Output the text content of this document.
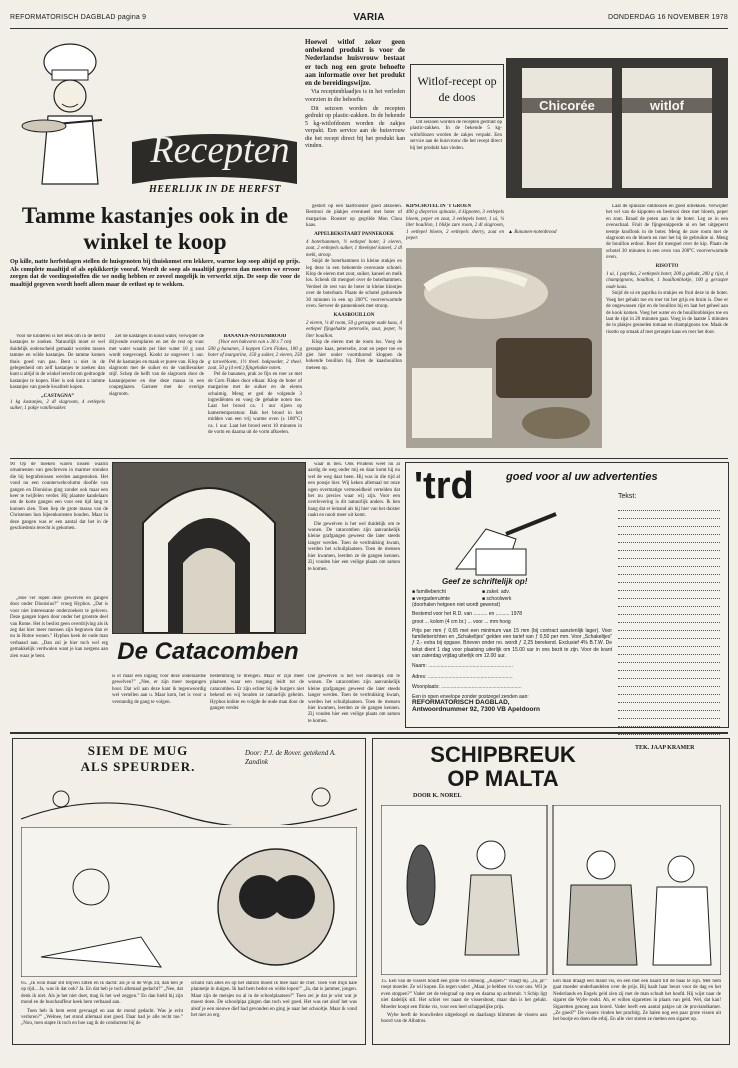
REFORMATORISCH DAGBLAD pagina 9	VARIA	DONDERDAG 16 NOVEMBER 1978
Recepten
HEERLIJK IN DE HERFST

Hoewel witlof zeker geen onbekend produkt is voor de Nederlandse huisvrouw bestaat er toch nog een grote behoefte aan informatie over het produkt en de bereidingswijze.

Via receptenblaadjes is in het verleden voorzien in die behoefte.

Dit seizoen worden de recepten gedrukt op plastic-zakken. In de bekende 5 kg-witlofdozen worden de zakjes verpakt. Een service aan de huisvrouw die het recept direct bij het produkt kan vinden.

Witlof-recept op de doos

Dit seizoen worden de recepten gedrukt op plastic-zakken. In de bekende 5 kg-witlofdozen worden de zakjes verpakt. Een service aan de huisvrouw die het recept direct bij het produkt kan vinden.

Chicorée	witlof
Tamme kastanjes ook in de winkel te koop

Op kille, natte herfstdagen stellen de huisgenoten bij thuiskomst een lekkere, warme kop soep altijd op prijs. Als complete maaltijd of als opkikkertje vooraf. Wordt de soep als maaltijd gegeven dan moeten we ervoor zorgen dat de voedingsstoffen die we nodig hebben er zoveel mogelijk in verwerkt zijn. De soep die voor de maaltijd gegeven wordt hoeft alleen maar de eetlust op te wekken.

Voor de kinderen is het leuk om in de herfst kastanjes te zoeken. Natuurlijk moet er wel duidelijk onderscheid gemaakt worden tussen tamme en wilde kastanjes. De tamme komen thuis goed van pas. Bent u niet in de gelegenheid om zelf kastanjes te zoeken dan kunt u altijd in de winkel terecht om gedroogde kastanjes te kopen. Hier is ook kunt u tamme kastanjes van goede kwaliteit kopen.

„CASTAGNA”
1 kg kastanjes, 2 dl slagroom, 4 eetlepels suiker, 1 pakje vanillesuiker.

Zet de kastanjes in koud water, verwijder de drijvende exemplaren en zet de rest op vuur met water waarin per liter water 10 g zout wordt toegevoegd. Kookt ze ongeveer 1 uur. Pel de kastanjes en maak er puree van. Klop de slagroom met de suiker en de vanillesuiker stijf. Schep de helft van de slagroom door de kastanjepuree en doe deze massa in een coupeglazen. Garneer met de overige slagroom.

BANANEN-NOTENBROOD
(Voor een bakvorm van ± 30 x 7 cm)
500 g bananen, 3 koppen Corn Flakes, 100 g boter of margarine, 150 g suiker, 2 eieren, 250 g tarwebloem, 1½ theel. bakpoeder, 2 theel. zout, 50 g (4 eetl.) fijngehakte noten.

Pel de bananen, prak ze fijn en roer ze met de Corn Flakes door elkaar. Klop de boter of margarine met de suiker en de eieren schuimig. Meng er ged de volgende 3 ingrediënten en voeg de gehakte noten toe. Laat het brood ca. 1 uur rijzen op kamertemperatuur. Bak het brood in het midden van een vrij warme oven (± 180°C) ca. 1 uur. Laat het brood eerst 10 minuten in de vorm en daarna uit de vorm afkoelen.

gestort op een taartrooster goed afkoelen. Bestrooi de plakjes eventueel met boter of margarine. Rooster op gegrilde Mon Chou kaas.

APPELBEKSTAART PANNEKOEK
4 boterhammen, ½ eetlepel boter, 3 eieren, zout, 2 eetlepels suiker, 1 theelepel kaneel, 2 dl melk, stroop.

Snijd de boterhammen in kleine stukjes en leg deze in een beboterde ovenvaste schotel. Klop de eieren met zout, suiker, kaneel en melk los. Schenk dit mengsel over de boterhammen. Verdeel de rest van de boter in kleine klontjes over de boterham. Plaats de schotel gedurende 30 minuten in een op 200°C voorverwarmde oven. Serveer de pannenkoek met stroop.

KAASBOUILLON
2 eieren, ¼ dl room, 50 g geraspte oude kaas, 4 eetlepel fijngehakte peterselie, zout, peper, ¾ liter bouillon.

Klop de eieren met de room los. Voeg de geraspte kaas, peterselie, zout en peper toe en giet hier onder voortdurend kloppen de kokende bouillon bij. Dien de kaasbouillon meteen op.

KIPSCHOTEL IN 'T GROEN
400 g diepvries spinazie, 4 kippoten, 3 eetlepels bloem, peper en zout, 3 eetlepels boter, 1 ui, ¼ liter bouillon, 1 blikje zure room, 2 dl slagroom, 1 eetlepel bloem, 2 eetlepels sherry, zout en peper.
▲ Bananen-notenbrood

Laat de spinazie ontdooien en goed uitlekken. Verwijder het vel van de kippoten en bestrooi deze met bloem, peper en zout. Braad de poten aan in de boter. Leg ze in een ovenschaal. Fruit de fijngesnipperde ui en het uitgeperst teentje knoflook in de boter. Meng de zure room met de slagroom en de bloem en roer het bij de gebruikte ui. Meng de bouillon erdoor. Roer dit mengsel over de kip. Plaats de schotel 30 minuten in een oven van 200°C voorverwarmde oven.

RISOTTO
1 ui, 1 paprika, 2 eetlepels boter, 200 g gehakt, 200 g rijst, 4 champignons, bouillon, 1 bouillonblokje, 100 g geraspte oude kaas.

Snijd de ui en paprika in stukjes en fruit deze in de boter. Voeg het gehakt toe en roer tot het grijs en bruin is. Doe er de ongewassen rijst en de bouillon bij en laat het geheel aan de kook komen. Voeg het water en de bouillonblokjes toe en laat de rijst in 20 minuten gaar. Voeg in de laatste 5 minuten de in plakjes gesneden tomaat en champignons toe. Maak de risotto op smaak af met geraspte kaas en roer het door.

90 Op de hoeken waren nissen waarin ornamenten van geschreven in marmer stonden die bij begrafenissen werden aangestoken. Het vond nu een counterwebcolumn doofde van gangen en Dionisius ging zonder ook maar een keer te twijfelen verder. Hij plaatste kandelaars om de korte gangen een voor een tijd lang te kunnen zien. Toen liep de grote massa van de Christenen hun bijeenkomsten houden. Maar in deze gangen was er een aantal dat het in de geschiedenis terecht is gekomen.

„Hoe ver lopen deze gewelven en gangen door onder Dionisius?” vroeg Hyphos. „Dat is voor niet interessante onderzoekers te geloven. Deze gangen lopen door onder het grootste deel van Rome. Het is beslist geen overdrijving als ik zeg dat hier meer mensen zijn begraven dan er nu in Rome wonen.” Hyphos keek de oude man verbaasd aan. „Dan zul je hier toch wel erg gemakkelijk verdwalen want je kan nergens aan zien waar je bent.	De Catacomben

waar ik ben. Ook Prudens weet nu al aardig de weg onder mij en daar komt hij nu wel de weg daar heen. Hij was in die tijd al een poosje hier. Wij keken allemaal tot onze ogen overmatige vermoeidheid vertelden dat het nu precies waar wij zijn. Voor een overlevering is dit natuurlijk anders. Ik ben bang dat er iemand als hij hier van het duister raakt en nooit meer uit komt.

Die gewelven is het wel duidelijk om te wonen. De catacomben zijn aanvankelijk kleine grafgangen geweest die later steeds langer werden. Toen de verdrukking kwam, werden het schuilplaatsen. Toen de mensen hier kwamen, leerden ze de gangen kennen. Zij vonden hier een veilige plaats om samen te komen.

is er maar één ingang voor deze onderaardse gewelven?” „Nee, er zijn meer toegangen hoor. Dat wil aan deze kant ik tegenwoordig wel vertellen aan u. Maar kom, het is voor u verstandig de gang te volgen.

bestemming te brengen. Maar er zijn meer plaatsen waar een toegang leidt tot de catacomben. Er zijn echter bij de burgers niet bekend en wij houden ze natuurlijk geheim. Hyphos knikte en volgde de oude man door de gangen verder.

Die gewelven is het wel duidelijk om te wonen. De catacomben zijn aanvankelijk kleine grafgangen geweest die later steeds langer werden. Toen de verdrukking kwam, werden het schuilplaatsen. Toen de mensen hier kwamen, leerden ze de gangen kennen. Zij vonden hier een veilige plaats om samen te komen.

'trd	goed voor al uw advertenties
Tekst:
Geef ze schriftelijk op!
■ familiebericht	■ zakel. adv.
■ vergaderruimte	■ schoolwerk
(doorhalen hetgeen niet wordt gewenst)
Bestemd voor het R.D. van .......... en .......... 1978
groot ... kolom (4 cm br.) ... voor ... mm hoog
Prijs per mm ƒ 0,65 met een minimum van 15 mm (bij contract aanzienlijk lager). Voor familieberichten en „Schakeltjes” gelden een tarief van ƒ 0,50 per mm. Voor „Schakeltjes” ƒ 2,- extra bij opgave. Brieven onder no. wordt ƒ 2,25 berekend. Exclusief 4% B.T.W. De tekst dient 1 dag voor plaatsing uiterlijk om 15.00 uur in ons bezit te zijn. Voor de krant van zaterdag vrijdag uiterlijk om 12.00 uur.
Naam: .............................................................
Adres: .............................................................
Woonplaats: ..........................................................
Een in open envelope zonder postzegel zenden aan:
REFORMATORISCH DAGBLAD,
Antwoordnummer 92, 7300 VB Apeldoorn
SIEM DE MUG
ALS SPEURDER.
Door: P.J. de Rover. getekend A. Zandink

65. „Ik wou maar stil blijven zitten en ik dacht: als je in de Wijk zit, dan ben je op tijd... Ja, was ik dat ook? Ja. En dat heb je toch allemaal gedacht?” „Nee, dat denk ik niet. Als je het niet doet, mag ik het wel zeggen.” En dan hield hij zijn mond en de buschauffeur keek hem verbaasd aan.

Toen heb ik hem eerst gevraagd en aan de mond gedacht. Was je echt verloren?” „Welnee, het stond allemaal niet goed. Daar had je alle recht toe.” „Nou, toen stapte ik toch en hoe zag ik de conducteur bij de

schuld van alles en op het station moest ik mee naar de chef. Toen viel mijn kale plannetje in duigen. Ik had hem bedot en wilde lopen!” „Ja, dat is jammer, jongen. Maar zijn de meisjes nu al in de schoolplaatsen?” Toen zei je dat je wist wat je moest doen. De schoolpipa gingen dan toch wel goed. Het was net alsof het was alsof je een nieuwe dief had gevonden en ging je naar het schooltje. Maar ik vond het niet zo erg.

SCHIPBREUK
OP MALTA
TEK. JAAP KRAMER
DOOR K. NOREL

15. Een van de vissers houdt een grote vis omhoog. „Kopen?” vraagt hij. „Ja, ja!” roept moeder. Ze wil kopen. En tegen vader: „Maar, je hebben vis voor ons. Wil je even stoppen?” Vader zet de telegraaf op stop en daarna op achteruit. 't Schip ligt niet dadelijk stil. Het schiet ver naast de vissersboot, maar dan is het gelukt. Moeder koopt een flinke vis, voor een heel schappelijke prijs.

Wybe heeft de bouwlieden uitgedoogd en daarlangs klimmen de vissers aan boord van de Albatros.

Een man draagt een mand vis, en een met een baard tilt de baas te zijn. Met hem gaat moeder onderhandelen over de prijs. Bij haalt haar beurs voor de dag en het Nederlands en Engels geld zien zij met de man schudt het hoofd. Hij wijst naar de sigaret die Wybe rookt. Ah, er willen sigaretten in plaats van geld. Wel, dat kan! Sigaretten genoeg aan boord. Vader heeft een aantal pakjes uit de proviandkamer. „Ze goed?” De vissers vinden het prachtig. Ze halen nog een paar grote vissen uit het bootje en doen die erbij. En alle vier stoten ze metten een sigaret op.
